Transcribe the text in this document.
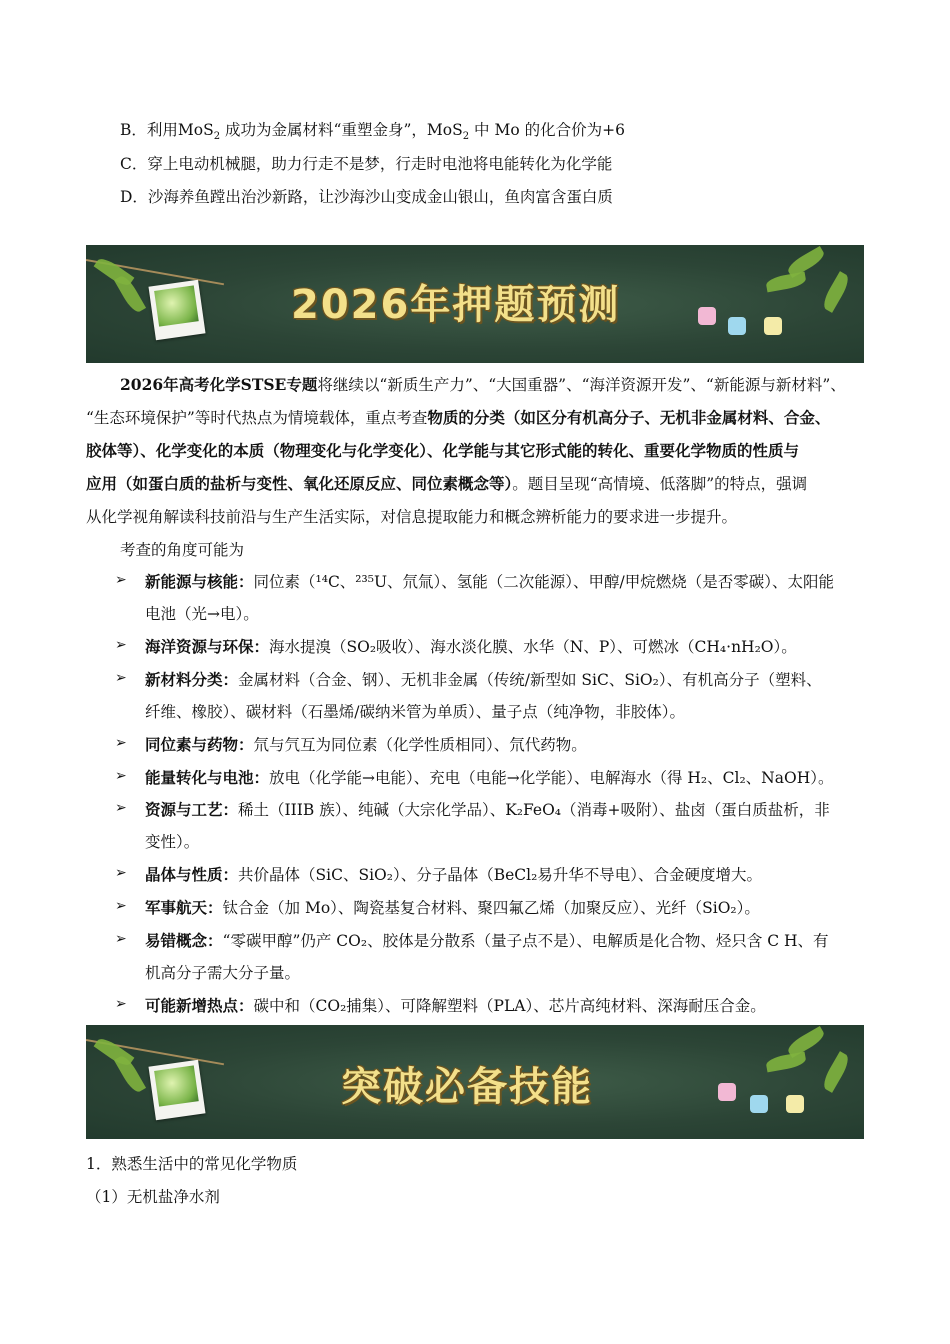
B．利用MoS$_2$ 成功为金属材料“重塑金身”，MoS$_2$ 中 Mo 的化合价为+6
C．穿上电动机械腿，助力行走不是梦，行走时电池将电能转化为化学能
D．沙海养鱼蹚出治沙新路，让沙海沙山变成金山银山，鱼肉富含蛋白质
2026年押题预测
2026年高考化学STSE专题将继续以“新质生产力”、“大国重器”、“海洋资源开发”、“新能源与新材料”、
“生态环境保护”等时代热点为情境载体，重点考查物质的分类（如区分有机高分子、无机非金属材料、合金、
胶体等）、化学变化的本质（物理变化与化学变化）、化学能与其它形式能的转化、重要化学物质的性质与
应用（如蛋白质的盐析与变性、氧化还原反应、同位素概念等）。题目呈现“高情境、低落脚”的特点，强调
从化学视角解读科技前沿与生产生活实际，对信息提取能力和概念辨析能力的要求进一步提升。
考查的角度可能为
➢ 新能源与核能：同位素（¹⁴C、²³⁵U、氘氚）、氢能（二次能源）、甲醇/甲烷燃烧（是否零碳）、太阳能
电池（光→电）。
➢ 海洋资源与环保：海水提溴（SO₂吸收）、海水淡化膜、水华（N、P）、可燃冰（CH₄·nH₂O）。
➢ 新材料分类：金属材料（合金、钢）、无机非金属（传统/新型如 SiC、SiO₂）、有机高分子（塑料、
纤维、橡胶）、碳材料（石墨烯/碳纳米管为单质）、量子点（纯净物，非胶体）。
➢ 同位素与药物：氘与氕互为同位素（化学性质相同）、氘代药物。
➢ 能量转化与电池：放电（化学能→电能）、充电（电能→化学能）、电解海水（得 H₂、Cl₂、NaOH）。
➢ 资源与工艺：稀土（IIIB 族）、纯碱（大宗化学品）、K₂FeO₄（消毒+吸附）、盐卤（蛋白质盐析，非
变性）。
➢ 晶体与性质：共价晶体（SiC、SiO₂）、分子晶体（BeCl₂易升华不导电）、合金硬度增大。
➢ 军事航天：钛合金（加 Mo）、陶瓷基复合材料、聚四氟乙烯（加聚反应）、光纤（SiO₂）。
➢ 易错概念：“零碳甲醇”仍产 CO₂、胶体是分散系（量子点不是）、电解质是化合物、烃只含 C H、有
机高分子需大分子量。
➢ 可能新增热点：碳中和（CO₂捕集）、可降解塑料（PLA）、芯片高纯材料、深海耐压合金。
突破必备技能
1．熟悉生活中的常见化学物质
（1）无机盐净水剂
